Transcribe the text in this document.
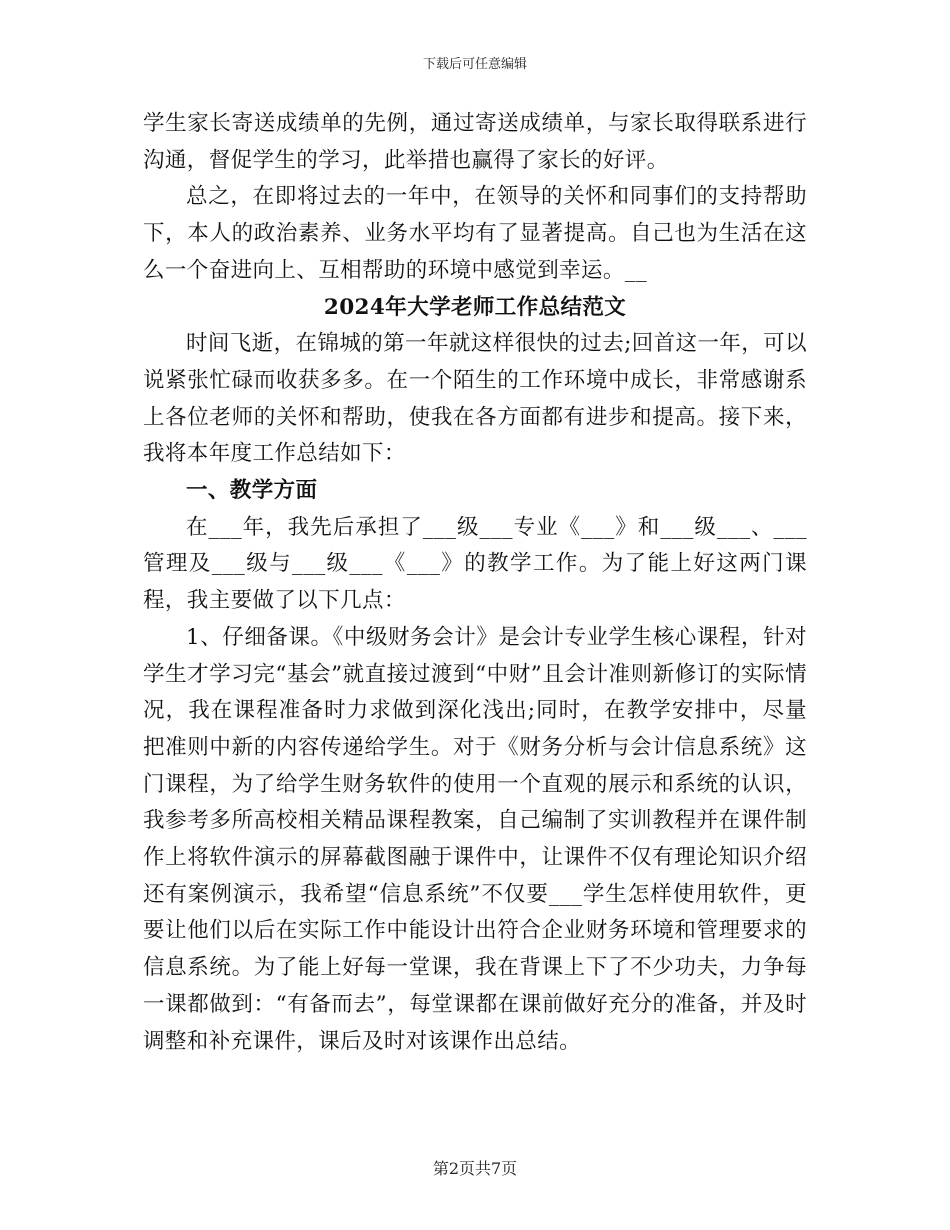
下载后可任意编辑

学生家长寄送成绩单的先例，通过寄送成绩单，与家长取得联系进行沟通，督促学生的学习，此举措也赢得了家长的好评。

总之，在即将过去的一年中，在领导的关怀和同事们的支持帮助下，本人的政治素养、业务水平均有了显著提高。自己也为生活在这么一个奋进向上、互相帮助的环境中感觉到幸运。__

2024年大学老师工作总结范文

时间飞逝，在锦城的第一年就这样很快的过去;回首这一年，可以说紧张忙碌而收获多多。在一个陌生的工作环境中成长，非常感谢系上各位老师的关怀和帮助，使我在各方面都有进步和提高。接下来，我将本年度工作总结如下：

一、教学方面

在___年，我先后承担了___级___专业《___》和___级___、___管理及___级与___级___《___》的教学工作。为了能上好这两门课程，我主要做了以下几点：

1、仔细备课。《中级财务会计》是会计专业学生核心课程，针对学生才学习完“基会”就直接过渡到“中财”且会计准则新修订的实际情况，我在课程准备时力求做到深化浅出;同时，在教学安排中，尽量把准则中新的内容传递给学生。对于《财务分析与会计信息系统》这门课程，为了给学生财务软件的使用一个直观的展示和系统的认识，我参考多所高校相关精品课程教案，自己编制了实训教程并在课件制作上将软件演示的屏幕截图融于课件中，让课件不仅有理论知识介绍还有案例演示，我希望“信息系统”不仅要___学生怎样使用软件，更要让他们以后在实际工作中能设计出符合企业财务环境和管理要求的信息系统。为了能上好每一堂课，我在背课上下了不少功夫，力争每一课都做到：“有备而去”，每堂课都在课前做好充分的准备，并及时调整和补充课件，课后及时对该课作出总结。

第2页共7页
